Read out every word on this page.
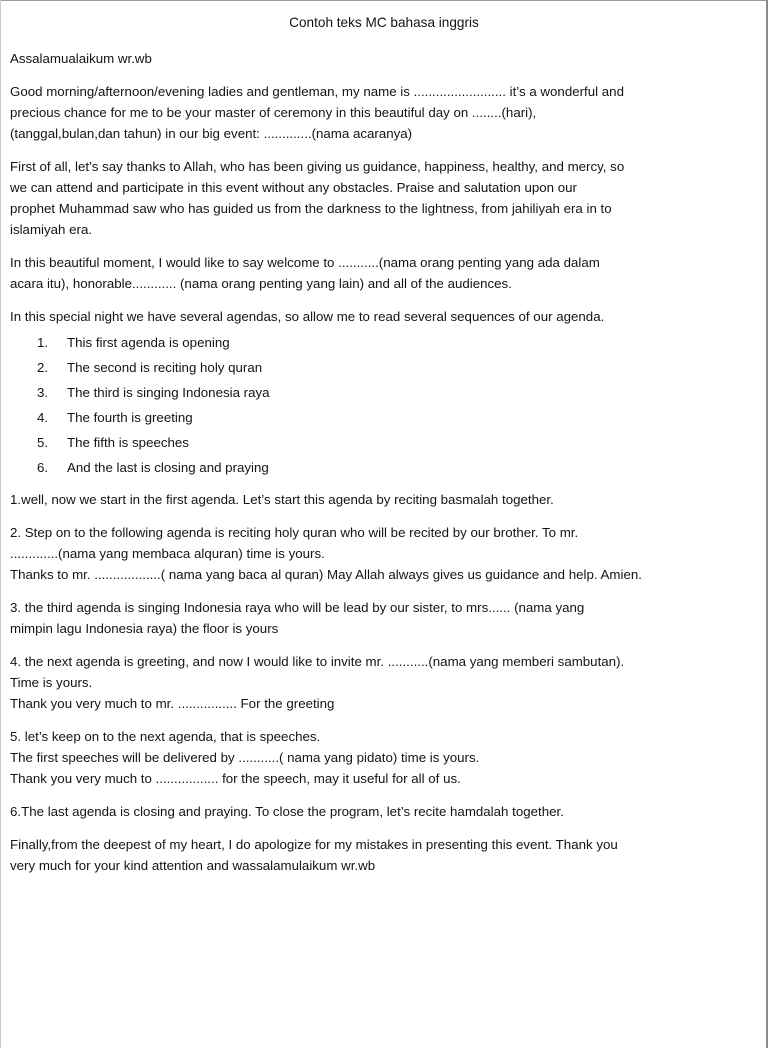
Contoh teks MC bahasa inggris
Assalamualaikum wr.wb
Good morning/afternoon/evening ladies and gentleman, my name is ......................... it’s a wonderful and
precious chance for me to be your master of ceremony in this beautiful day on ........(hari),
(tanggal,bulan,dan tahun) in our big event: .............(nama acaranya)
First of all, let’s say thanks to Allah, who has been giving us guidance, happiness, healthy, and mercy, so
we can attend and participate in this event without any obstacles. Praise and salutation upon our
prophet Muhammad saw who has guided us from the darkness to the lightness, from jahiliyah era in to
islamiyah era.
In this beautiful moment, I would like to say welcome to ...........(nama orang penting yang ada dalam
acara itu), honorable............ (nama orang penting yang lain) and all of the audiences.
In this special night we have several agendas, so allow me to read several sequences of our agenda.
1.	This first agenda is opening
2.	The second is reciting holy quran
3.	The third is singing Indonesia raya
4.	The fourth is greeting
5.	The fifth is speeches
6.	And the last is closing and praying
1.well, now we start in the first agenda. Let’s start this agenda by reciting basmalah together.
2. Step on to the following agenda is reciting holy quran who will be recited by our brother. To mr.
.............(nama yang membaca alquran) time is yours.
Thanks to mr. ..................( nama yang baca al quran) May Allah always gives us guidance and help. Amien.
3. the third agenda is singing Indonesia raya who will be lead by our sister, to mrs...... (nama yang
mimpin lagu Indonesia raya) the floor is yours
4. the next agenda is greeting, and now I would like to invite mr. ...........(nama yang memberi sambutan).
Time is yours.
Thank you very much to mr. ................ For the greeting
5. let’s keep on to the next agenda, that is speeches.
The first speeches will be delivered by ...........( nama yang pidato) time is yours.
Thank you very much to ................. for the speech, may it useful for all of us.
6.The last agenda is closing and praying. To close the program, let’s recite hamdalah together.
Finally,from the deepest of my heart, I do apologize for my mistakes in presenting this event. Thank you
very much for your kind attention and wassalamulaikum wr.wb
